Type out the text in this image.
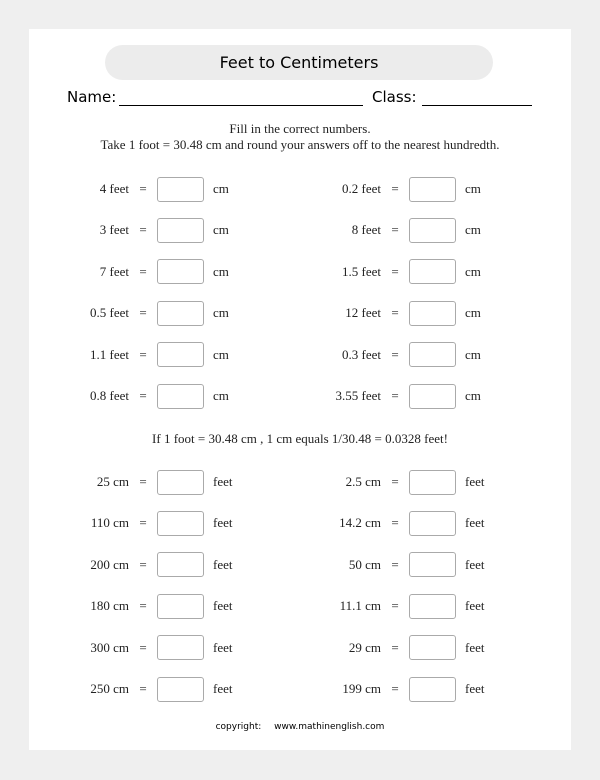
Feet to Centimeters
Name:	Class:
Fill in the correct numbers.
Take 1 foot = 30.48 cm and round your answers off to the nearest hundredth.
4 feet =	cm
3 feet =	cm
7 feet =	cm
0.5 feet =	cm
1.1 feet =	cm
0.8 feet =	cm
0.2 feet =	cm
8 feet =	cm
1.5 feet =	cm
12 feet =	cm
0.3 feet =	cm
3.55 feet =	cm
If 1 foot = 30.48 cm , 1 cm equals 1/30.48 = 0.0328 feet!
25 cm =	feet
110 cm =	feet
200 cm =	feet
180 cm =	feet
300 cm =	feet
250 cm =	feet
2.5 cm =	feet
14.2 cm =	feet
50 cm =	feet
11.1 cm =	feet
29 cm =	feet
199 cm =	feet
copyright: www.mathinenglish.com
